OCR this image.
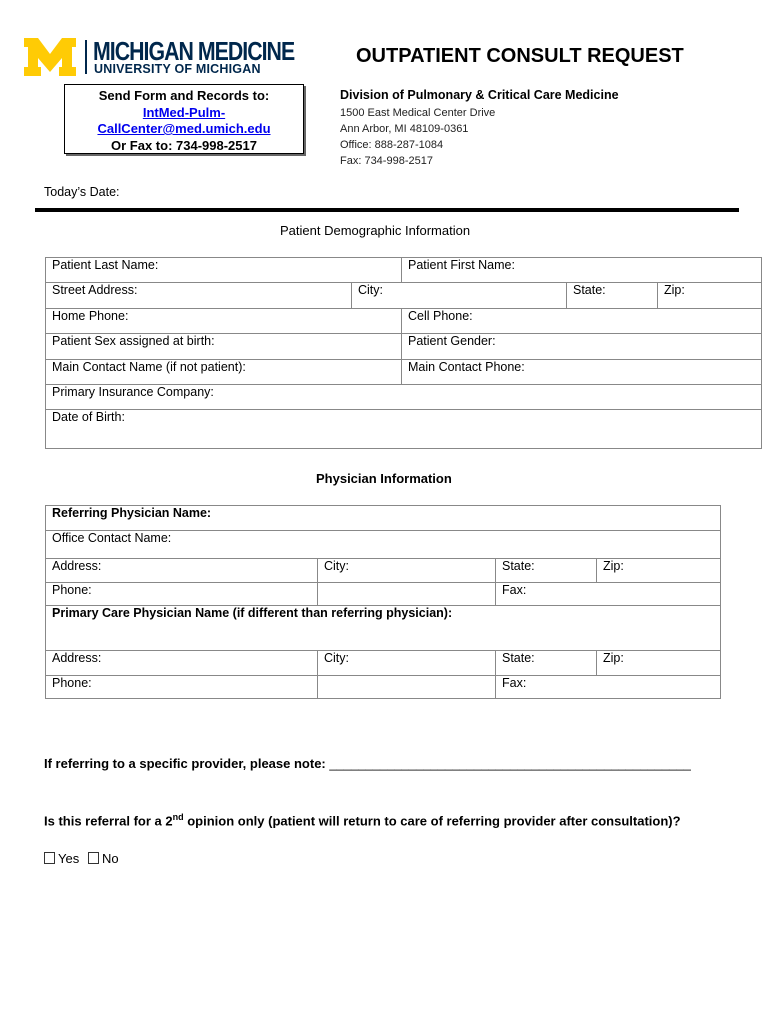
MICHIGAN MEDICINE
UNIVERSITY OF MICHIGAN
OUTPATIENT CONSULT REQUEST
Send Form and Records to:
IntMed-Pulm-
CallCenter@med.umich.edu
Or Fax to: 734-998-2517
Division of Pulmonary & Critical Care Medicine
1500 East Medical Center Drive
Ann Arbor, MI 48109-0361
Office: 888-287-1084
Fax: 734-998-2517
Today’s Date:
Patient Demographic Information
Patient Last Name:		Patient First Name:		
Street Address:	City:		State:	Zip:
Home Phone:		Cell Phone:		
Patient Sex assigned at birth:		Patient Gender:		
Main Contact Name (if not patient):		Main Contact Phone:		
Primary Insurance Company:				
Date of Birth:				
Physician Information
Referring Physician Name:			
Office Contact Name:			
Address:	City:	State:	Zip:
Phone:		Fax:	
Primary Care Physician Name (if different than referring physician):			
Address:	City:	State:	Zip:
Phone:		Fax:	
If referring to a specific provider, please note: __________________________________________________
Is this referral for a 2nd opinion only (patient will return to care of referring provider after consultation)?
Yes	No
